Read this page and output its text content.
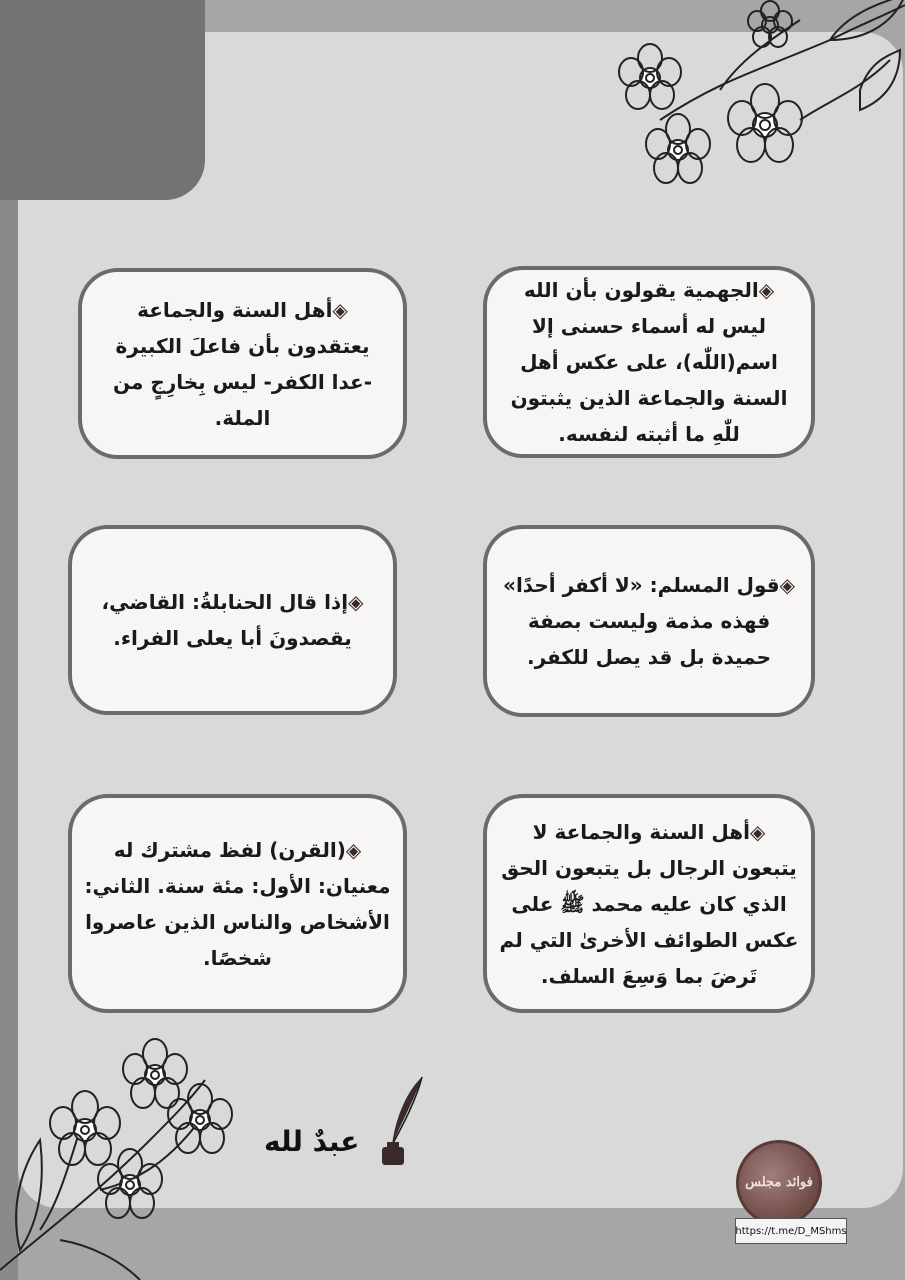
◈الجهمية يقولون بأن الله ليس له أسماء حسنى إلا اسم(اللّٰه)، على عكس أهل السنة والجماعة الذين يثبتون للّٰهِ ما أثبته لنفسه.

◈أهل السنة والجماعة يعتقدون بأن فاعلَ الكبيرة -عدا الكفر- ليس بِخارِجٍ من الملة.

◈قول المسلم: «لا أكفر أحدًا» فهذه مذمة وليست بصفة حميدة بل قد يصل للكفر.

◈إذا قال الحنابلةُ: القاضي، يقصدونَ أبا يعلى الفراء.

◈أهل السنة والجماعة لا يتبعون الرجال بل يتبعون الحق الذي كان عليه محمد ﷺ على عكس الطوائف الأخرىٰ التي لم تَرضَ بما وَسِعَ السلف.

◈(القرن) لفظ مشترك له معنيان: الأول: مئة سنة. الثاني: الأشخاص والناس الذين عاصروا شخصًا.

عبدٌ لله
فوائد مجلس
https://t.me/D_MShms
